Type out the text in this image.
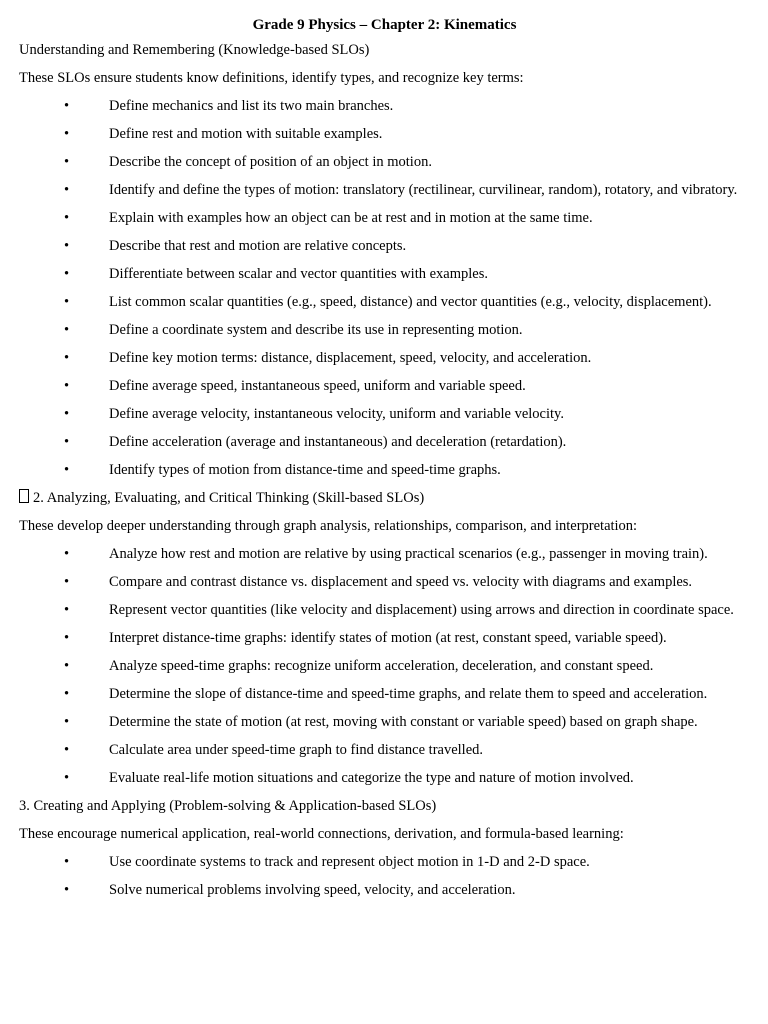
Grade 9 Physics – Chapter 2: Kinematics
Understanding and Remembering (Knowledge-based SLOs)
These SLOs ensure students know definitions, identify types, and recognize key terms:
•Define mechanics and list its two main branches.
•Define rest and motion with suitable examples.
•Describe the concept of position of an object in motion.
•Identify and define the types of motion: translatory (rectilinear, curvilinear, random), rotatory, and vibratory.
•Explain with examples how an object can be at rest and in motion at the same time.
•Describe that rest and motion are relative concepts.
•Differentiate between scalar and vector quantities with examples.
•List common scalar quantities (e.g., speed, distance) and vector quantities (e.g., velocity, displacement).
•Define a coordinate system and describe its use in representing motion.
•Define key motion terms: distance, displacement, speed, velocity, and acceleration.
•Define average speed, instantaneous speed, uniform and variable speed.
•Define average velocity, instantaneous velocity, uniform and variable velocity.
•Define acceleration (average and instantaneous) and deceleration (retardation).
•Identify types of motion from distance-time and speed-time graphs.
2. Analyzing, Evaluating, and Critical Thinking (Skill-based SLOs)
These develop deeper understanding through graph analysis, relationships, comparison, and interpretation:
•Analyze how rest and motion are relative by using practical scenarios (e.g., passenger in moving train).
•Compare and contrast distance vs. displacement and speed vs. velocity with diagrams and examples.
•Represent vector quantities (like velocity and displacement) using arrows and direction in coordinate space.
•Interpret distance-time graphs: identify states of motion (at rest, constant speed, variable speed).
•Analyze speed-time graphs: recognize uniform acceleration, deceleration, and constant speed.
•Determine the slope of distance-time and speed-time graphs, and relate them to speed and acceleration.
•Determine the state of motion (at rest, moving with constant or variable speed) based on graph shape.
•Calculate area under speed-time graph to find distance travelled.
•Evaluate real-life motion situations and categorize the type and nature of motion involved.
3. Creating and Applying (Problem-solving & Application-based SLOs)
These encourage numerical application, real-world connections, derivation, and formula-based learning:
•Use coordinate systems to track and represent object motion in 1-D and 2-D space.
•Solve numerical problems involving speed, velocity, and acceleration.
